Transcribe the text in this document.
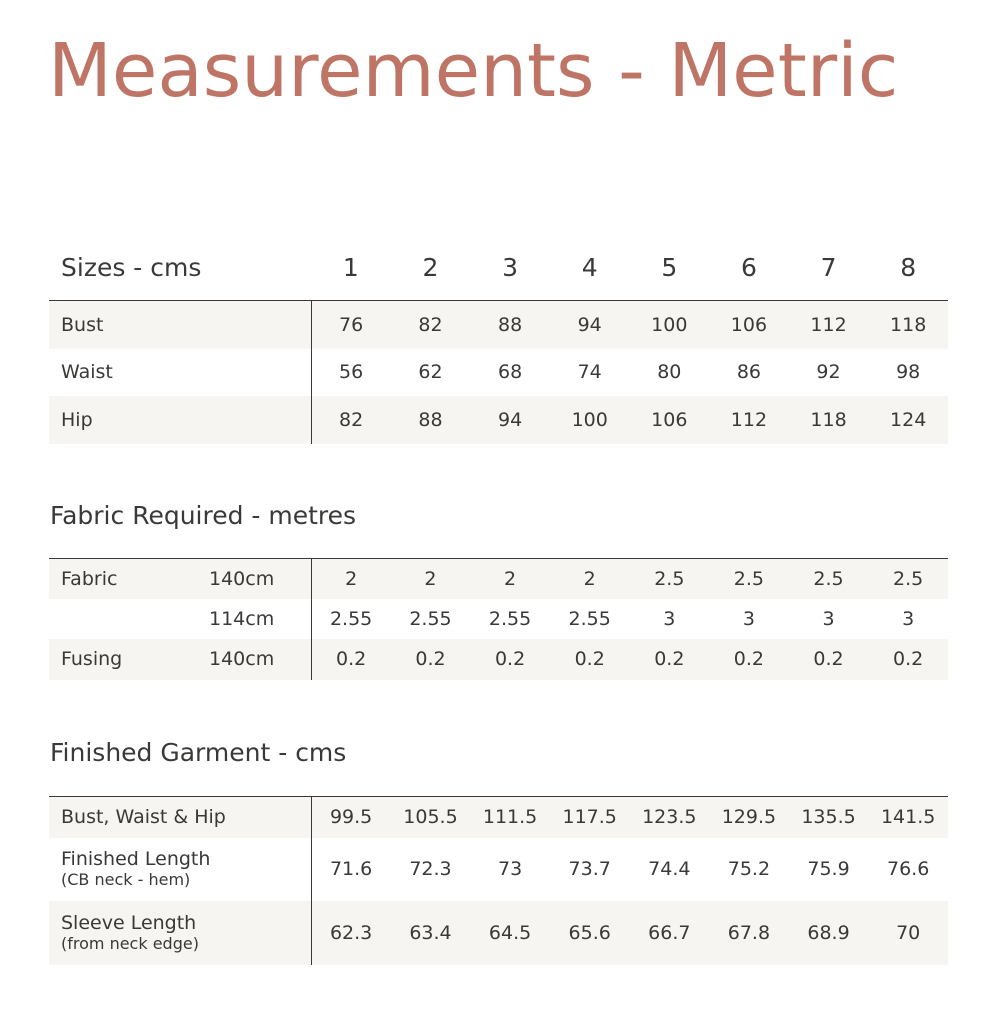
Measurements - Metric
Sizes - cms	1	2	3	4	5	6	7	8
Bust	76	82	88	94	100	106	112	118
Waist	56	62	68	74	80	86	92	98
Hip	82	88	94	100	106	112	118	124
Fabric Required - metres
Fabric 140cm	2	2	2	2	2.5	2.5	2.5	2.5
114cm	2.55	2.55	2.55	2.55	3	3	3	3
Fusing 140cm	0.2	0.2	0.2	0.2	0.2	0.2	0.2	0.2
Finished Garment - cms
Bust, Waist & Hip	99.5	105.5	111.5	117.5	123.5	129.5	135.5	141.5

Finished Length
(CB neck - hem)	71.6	72.3	73	73.7	74.4	75.2	75.9	76.6

Sleeve Length
(from neck edge)	62.3	63.4	64.5	65.6	66.7	67.8	68.9	70
